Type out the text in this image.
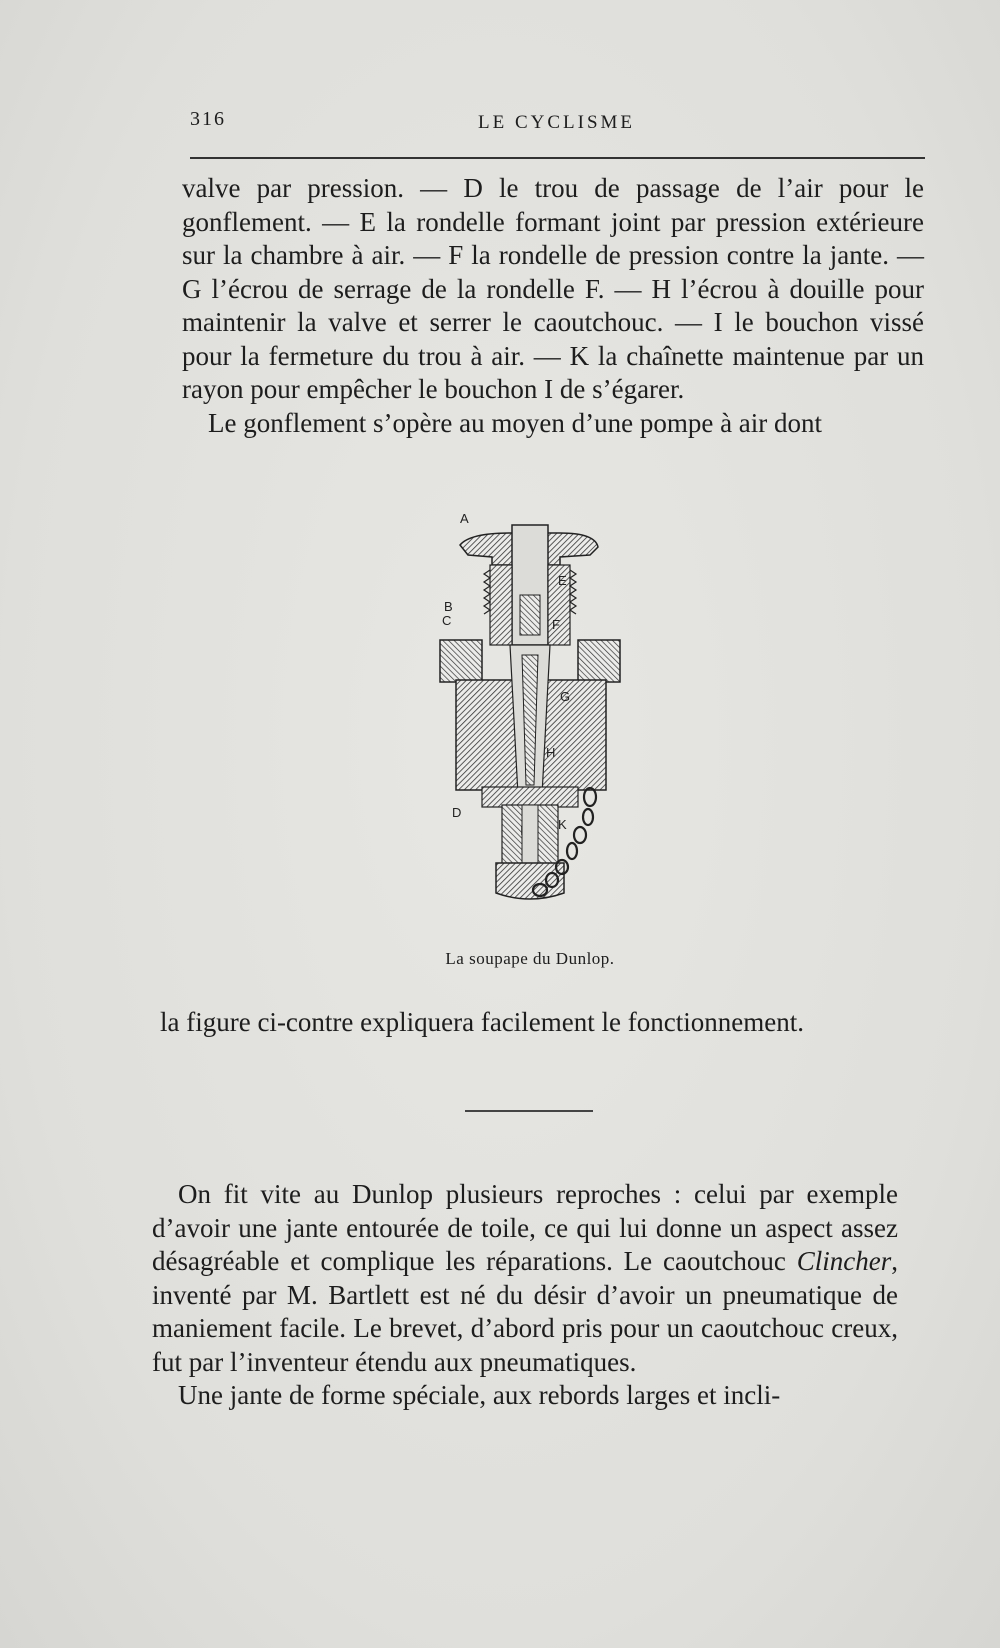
316	LE CYCLISME

valve par pression. — D le trou de passage de l’air pour le gonflement. — E la rondelle formant joint par pression extérieure sur la chambre à air. — F la rondelle de pression contre la jante. — G l’écrou de serrage de la rondelle F. — H l’écrou à douille pour maintenir la valve et serrer le caoutchouc. — I le bouchon vissé pour la fermeture du trou à air. — K la chaînette maintenue par un rayon pour empêcher le bouchon I de s’égarer.

Le gonflement s’opère au moyen d’une pompe à air dont

A
B
C
E
F
G
H
D
I	K
La soupape du Dunlop.

la figure ci-contre expliquera facilement le fonctionnement.

On fit vite au Dunlop plusieurs reproches : celui par exemple d’avoir une jante entourée de toile, ce qui lui donne un aspect assez désagréable et complique les réparations. Le caoutchouc Clincher, inventé par M. Bartlett est né du désir d’avoir un pneumatique de maniement facile. Le brevet, d’abord pris pour un caoutchouc creux, fut par l’inventeur étendu aux pneumatiques.

Une jante de forme spéciale, aux rebords larges et incli-
